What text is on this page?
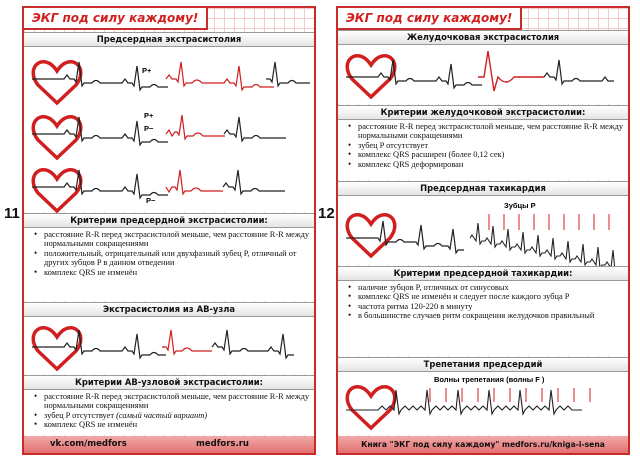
ЭКГ под силу каждому!
Предсердная экстрасистолия
P+
P+
P−
P−
Критерии предсердной экстрасистолии:
• расстояние R-R перед экстрасистолой меньше, чем расстояние R-R между нормальными сокращениями
• положительный, отрицательный или двухфазный зубец P, отличный от других зубцов P в данном отведении
• комплекс QRS не изменён
Экстрасистолия из АВ-узла
Критерии АВ-узловой экстрасистолии:
• расстояние R-R перед экстрасистолой меньше, чем расстояние R-R между нормальными сокращениями
• зубец P отсутствует (самый частый вариант)
• комплекс QRS не изменён
vk.com/medfors	medfors.ru
11
ЭКГ под силу каждому!
Желудочковая экстрасистолия
Критерии желудочковой экстрасистолии:
• расстояние R-R перед экстрасистолой меньше, чем расстояние R-R между нормальными сокращениями
• зубец P отсутствует
• комплекс QRS расширен (более 0,12 сек)
• комплекс QRS деформирован
Предсердная тахикардия
Зубцы P
Критерии предсердной тахикардии:
• наличие зубцов P, отличных от синусовых
• комплекс QRS не изменён и следует после каждого зубца P
• частота ритма 120-220 в минуту
• в большинстве случаев ритм сокращения желудочков правильный
Трепетания предсердий
Волны трепетания (волны F )
Книга "ЭКГ под силу каждому" medfors.ru/kniga-i-sena
12
